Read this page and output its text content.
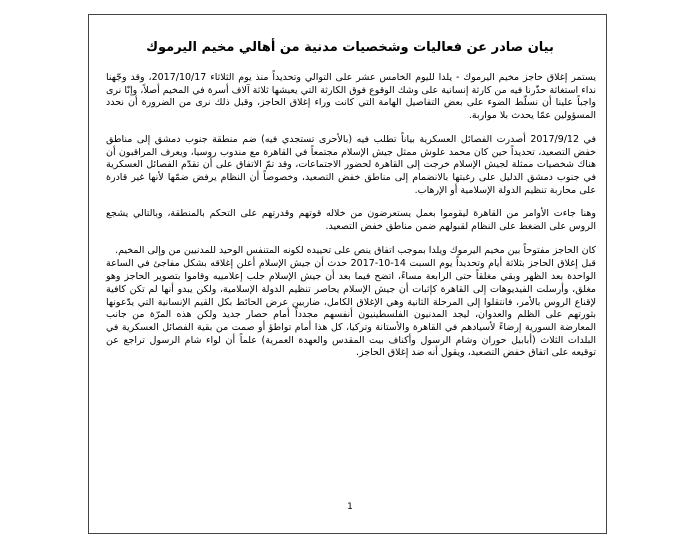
بيان صادر عن فعاليات وشخصيات مدنية من أهالي مخيم اليرموك

يستمر إغلاق حاجز مخيم اليرموك - يلدا لليوم الخامس عشر على التوالي وتحديداً منذ يوم الثلاثاء 2017/10/17، وقد وجّهنا نداء استغاثة حذّرنا فيه من كارثة إنسانية على وشك الوقوع فوق الكارثة التي يعيشها ثلاثة آلاف أسرة في المخيم أصلاً، وإنّا نرى واجباً علينا أن نسلّط الضوء على بعض التفاصيل الهامة التي كانت وراء إغلاق الحاجز، وقبل ذلك نرى من الضرورة أن نحدد المسؤولين عمّا يحدث بلا مواربة.

في 2017/9/12 أصدرت الفصائل العسكرية بياناً تطلب فيه (بالأحرى تستجدي فيه) ضم منطقة جنوب دمشق إلى مناطق خفض التصعيد، تحديداً حين كان محمد علوش ممثل جيش الإسلام مجتمعاً في القاهرة مع مندوب روسيا، ويعرف المراقبون أن هناك شخصيات ممثلة لجيش الإسلام خرجت إلى القاهرة لحضور الاجتماعات، وقد تمّ الاتفاق على أن تقدّم الفصائل العسكرية في جنوب دمشق الدليل على رغبتها بالانضمام إلى مناطق خفض التصعيد، وخصوصاً أن النظام يرفض ضمّها لأنها غير قادرة على محاربة تنظيم الدولة الإسلامية أو الإرهاب.

وهنا جاءت الأوامر من القاهرة ليقوموا بعمل يستعرضون من خلاله قوتهم وقدرتهم على التحكم بالمنطقة، وبالتالي يشجع الروس على الضغط على النظام لقبولهم ضمن مناطق خفض التصعيد.

كان الحاجز مفتوحاً بين مخيم اليرموك ويلدا بموجب اتفاق ينص على تحييده لكونه المتنفس الوحيد للمدنيين من وإلى المخيم.

قبل إغلاق الحاجز بثلاثة أيام وتحديداً يوم السبت 14-10-2017 حدث أن جيش الإسلام أعلن إغلاقه بشكل مفاجئ في الساعة الواحدة بعد الظهر وبقي مغلقاً حتى الرابعة مساءً، اتضح فيما بعد أن جيش الإسلام جلب إعلامييه وقاموا بتصوير الحاجز وهو مغلق، وأرسلت الفيديوهات إلى القاهرة كإثبات أن جيش الإسلام يحاصر تنظيم الدولة الإسلامية، ولكن يبدو أنها لم تكن كافية لإقناع الروس بالأمر، فانتقلوا إلى المرحلة الثانية وهي الإغلاق الكامل، ضاربين عرض الحائط بكل القيم الإنسانية التي يدّعونها بثورتهم على الظلم والعدوان، ليجد المدنيون الفلسطينيون أنفسهم مجدداً أمام حصار جديد ولكن هذه المرّة من جانب المعارضة السورية إرضاءً لأسيادهم في القاهرة والأستانة وتركيا، كل هذا أمام تواطؤ أو صمت من بقية الفصائل العسكرية في البلدات الثلاث (أبابيل حوران وشام الرسول وأكناف بيت المقدس والعهدة العمرية) علماً أن لواء شام الرسول تراجع عن توقيعه على اتفاق خفض التصعيد، ويقول أنه ضد إغلاق الحاجز.

1
